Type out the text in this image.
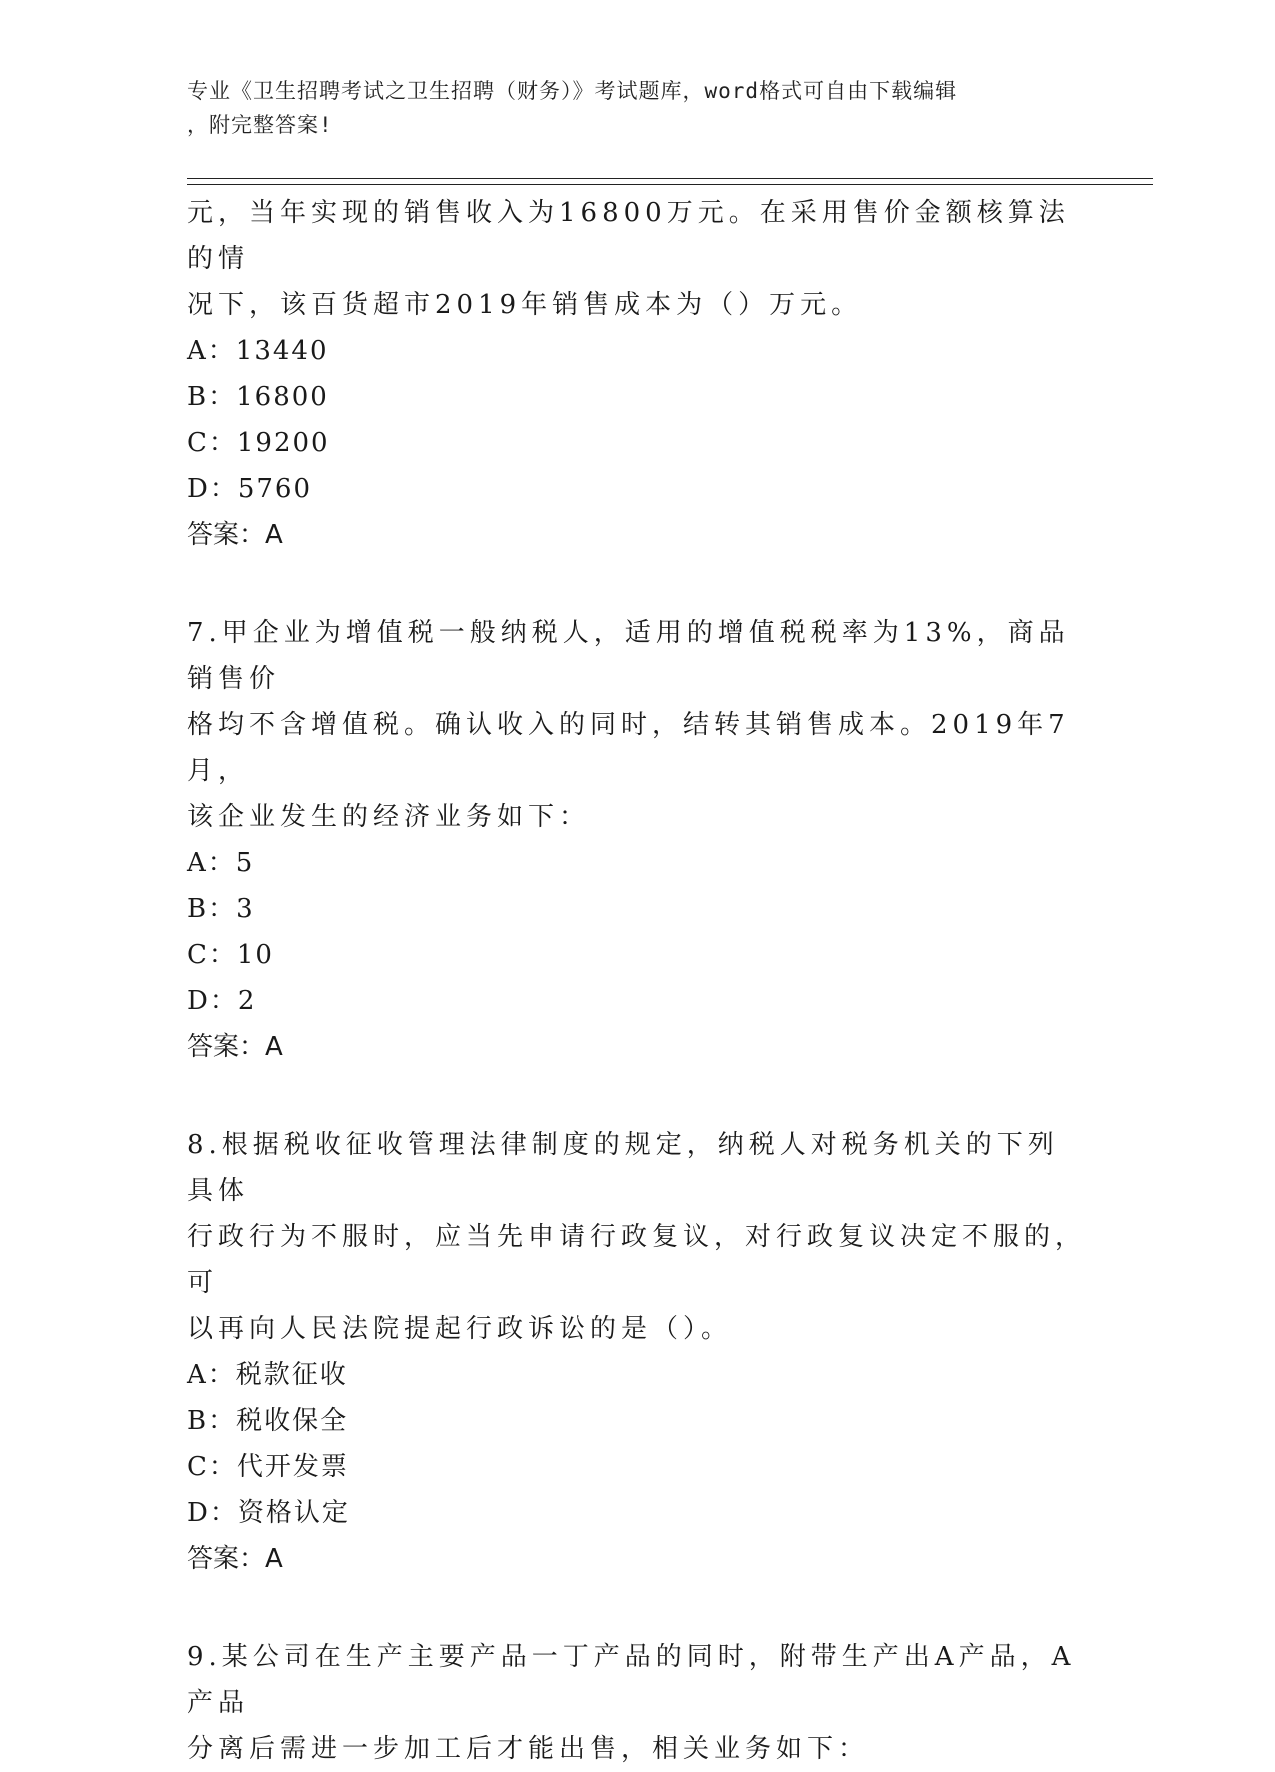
专业《卫生招聘考试之卫生招聘（财务）》考试题库，word格式可自由下载编辑
，附完整答案!

元，当年实现的销售收入为16800万元。在采用售价金额核算法的情

况下，该百货超市2019年销售成本为（）万元。

A：13440

B：16800

C：19200

D：5760

答案：A

7.甲企业为增值税一般纳税人，适用的增值税税率为13%，商品销售价

格均不含增值税。确认收入的同时，结转其销售成本。2019年7月，

该企业发生的经济业务如下：

A：5

B：3

C：10

D：2

答案：A

8.根据税收征收管理法律制度的规定，纳税人对税务机关的下列具体

行政行为不服时，应当先申请行政复议，对行政复议决定不服的，可

以再向人民法院提起行政诉讼的是（）。

A：税款征收

B：税收保全

C：代开发票

D：资格认定

答案：A

9.某公司在生产主要产品一丁产品的同时，附带生产出A产品，A产品

分离后需进一步加工后才能出售，相关业务如下：
